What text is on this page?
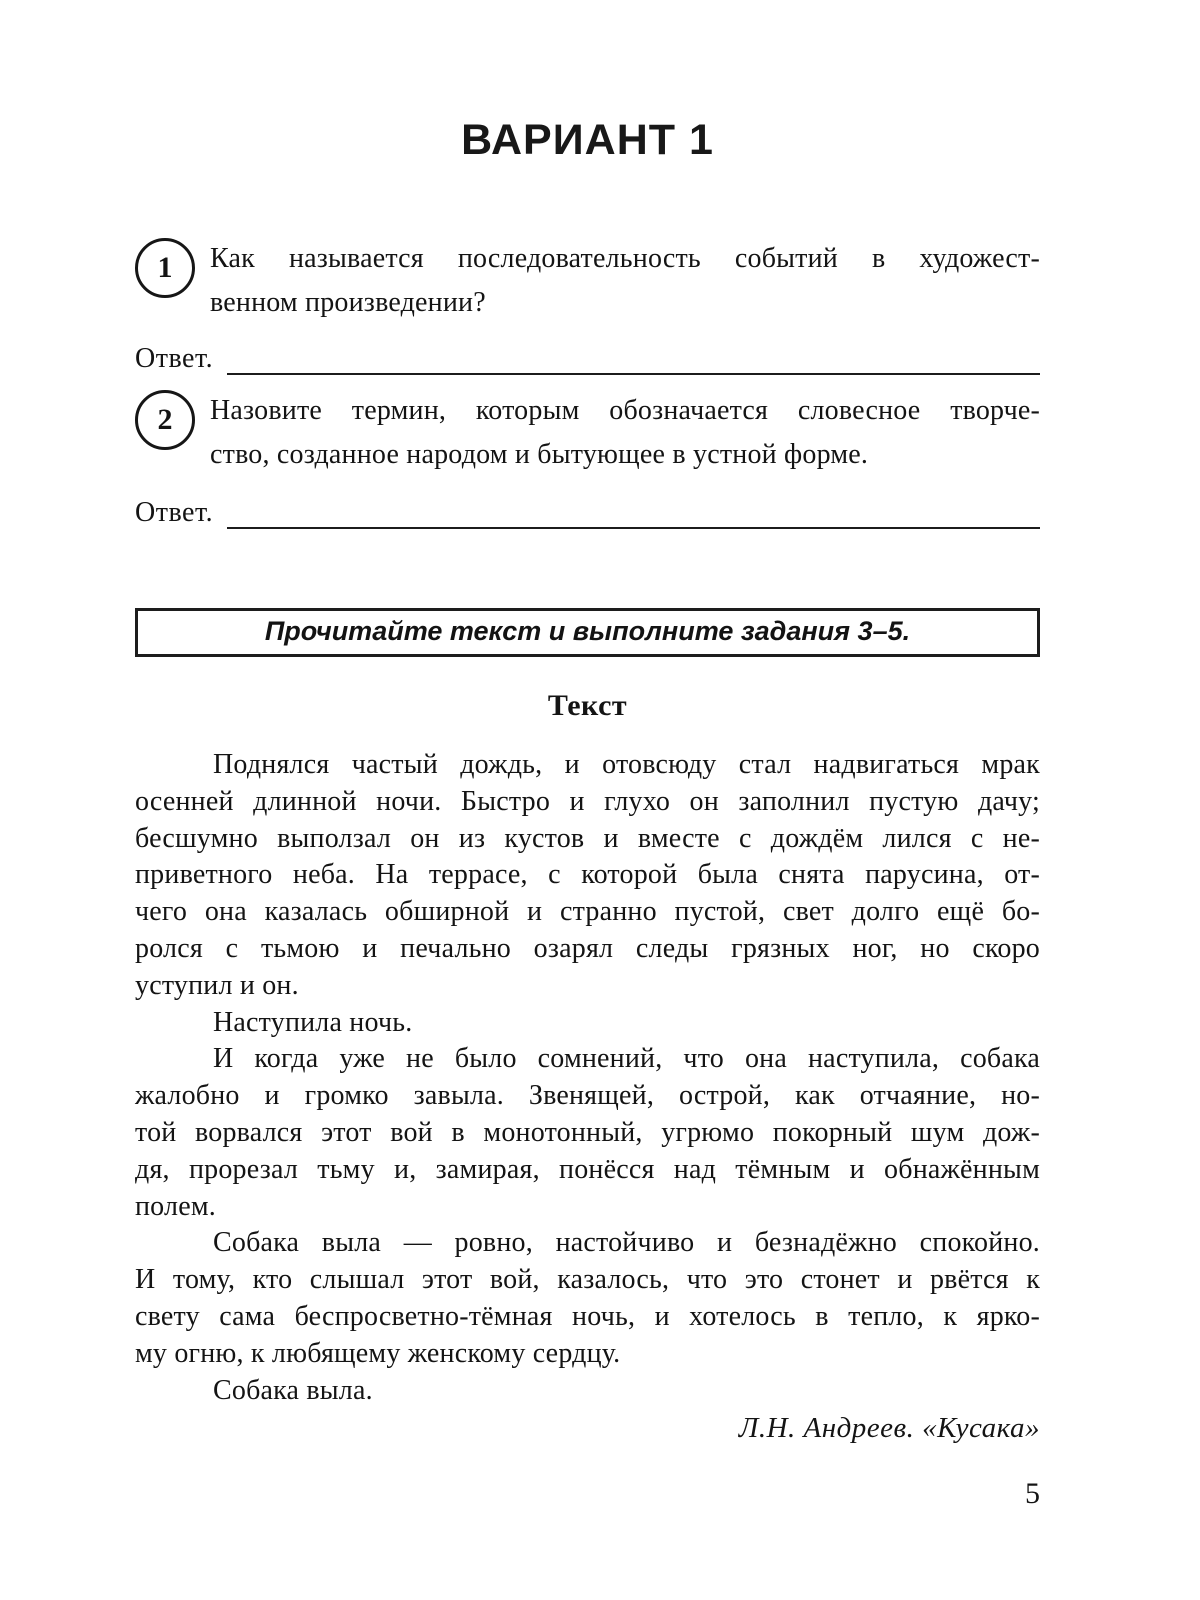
ВАРИАНТ 1
1	Как называется последовательность событий в художест-
венном произведении?
Ответ.
2	Назовите термин, которым обозначается словесное творче-
ство, созданное народом и бытующее в устной форме.
Ответ.
Прочитайте текст и выполните задания 3–5.
Текст
Поднялся частый дождь, и отовсюду стал надвигаться мрак
осенней длинной ночи. Быстро и глухо он заполнил пустую дачу;
бесшумно выползал он из кустов и вместе с дождём лился с не-
приветного неба. На террасе, с которой была снята парусина, от-
чего она казалась обширной и странно пустой, свет долго ещё бо-
ролся с тьмою и печально озарял следы грязных ног, но скоро
уступил и он.
Наступила ночь.
И когда уже не было сомнений, что она наступила, собака
жалобно и громко завыла. Звенящей, острой, как отчаяние, но-
той ворвался этот вой в монотонный, угрюмо покорный шум дож-
дя, прорезал тьму и, замирая, понёсся над тёмным и обнажённым
полем.
Собака выла — ровно, настойчиво и безнадёжно спокойно.
И тому, кто слышал этот вой, казалось, что это стонет и рвётся к
свету сама беспросветно-тёмная ночь, и хотелось в тепло, к ярко-
му огню, к любящему женскому сердцу.
Собака выла.
Л.Н. Андреев. «Кусака»
5
